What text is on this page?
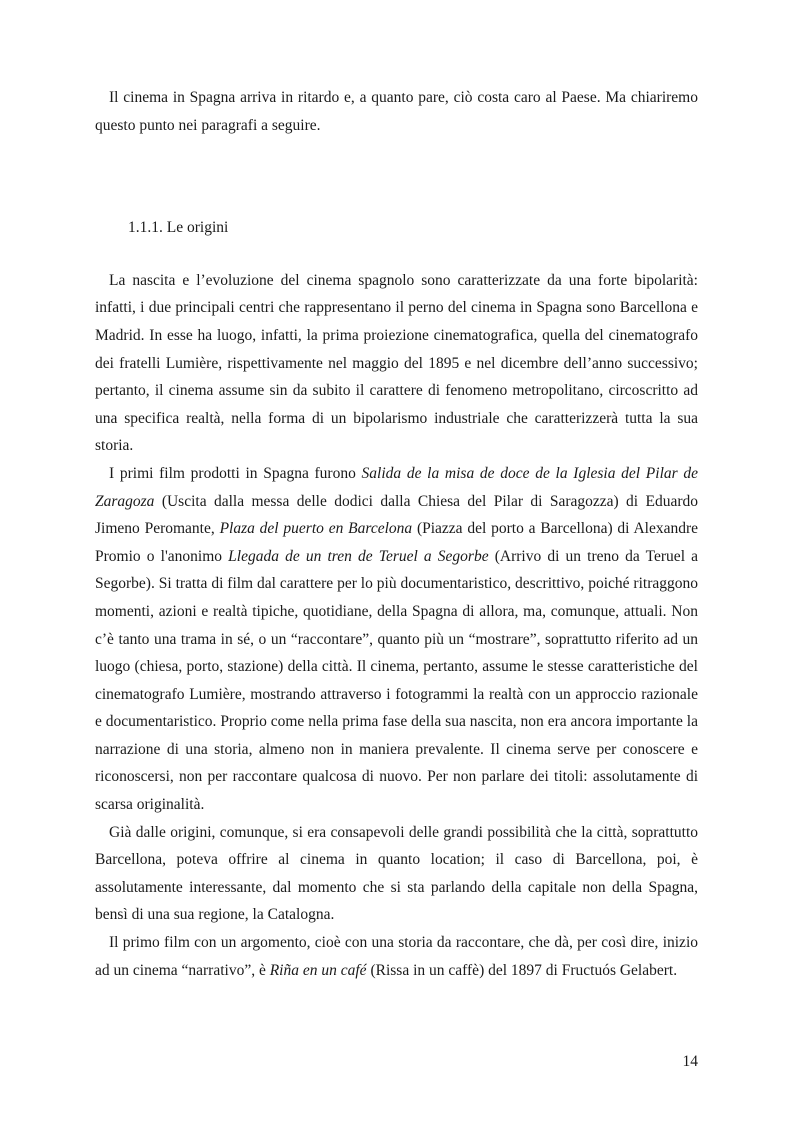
Il cinema in Spagna arriva in ritardo e, a quanto pare, ciò costa caro al Paese. Ma chiariremo questo punto nei paragrafi a seguire.

1.1.1. Le origini

La nascita e l’evoluzione del cinema spagnolo sono caratterizzate da una forte bipolarità: infatti, i due principali centri che rappresentano il perno del cinema in Spagna sono Barcellona e Madrid. In esse ha luogo, infatti, la prima proiezione cinematografica, quella del cinematografo dei fratelli Lumière, rispettivamente nel maggio del 1895 e nel dicembre dell’anno successivo; pertanto, il cinema assume sin da subito il carattere di fenomeno metropolitano, circoscritto ad una specifica realtà, nella forma di un bipolarismo industriale che caratterizzerà tutta la sua storia.

I primi film prodotti in Spagna furono Salida de la misa de doce de la Iglesia del Pilar de Zaragoza (Uscita dalla messa delle dodici dalla Chiesa del Pilar di Saragozza) di Eduardo Jimeno Peromante, Plaza del puerto en Barcelona (Piazza del porto a Barcellona) di Alexandre Promio o l'anonimo Llegada de un tren de Teruel a Segorbe (Arrivo di un treno da Teruel a Segorbe). Si tratta di film dal carattere per lo più documentaristico, descrittivo, poiché ritraggono momenti, azioni e realtà tipiche, quotidiane, della Spagna di allora, ma, comunque, attuali. Non c’è tanto una trama in sé, o un “raccontare”, quanto più un “mostrare”, soprattutto riferito ad un luogo (chiesa, porto, stazione) della città. Il cinema, pertanto, assume le stesse caratteristiche del cinematografo Lumière, mostrando attraverso i fotogrammi la realtà con un approccio razionale e documentaristico. Proprio come nella prima fase della sua nascita, non era ancora importante la narrazione di una storia, almeno non in maniera prevalente. Il cinema serve per conoscere e riconoscersi, non per raccontare qualcosa di nuovo. Per non parlare dei titoli: assolutamente di scarsa originalità.

Già dalle origini, comunque, si era consapevoli delle grandi possibilità che la città, soprattutto Barcellona, poteva offrire al cinema in quanto location; il caso di Barcellona, poi, è assolutamente interessante, dal momento che si sta parlando della capitale non della Spagna, bensì di una sua regione, la Catalogna.

Il primo film con un argomento, cioè con una storia da raccontare, che dà, per così dire, inizio ad un cinema “narrativo”, è Riña en un café (Rissa in un caffè) del 1897 di Fructuós Gelabert.

14
